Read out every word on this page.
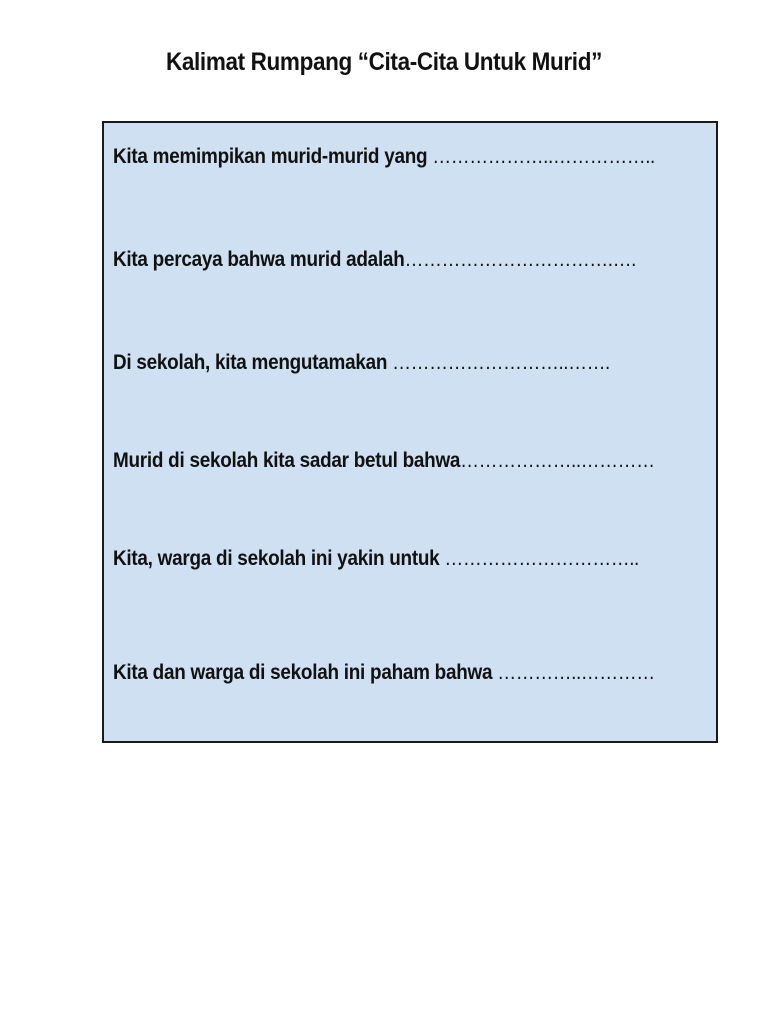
Kalimat Rumpang “Cita-Cita Untuk Murid”
Kita memimpikan murid-murid yang ………………..……………..
Kita percaya bahwa murid adalah…………………………….….
Di sekolah, kita mengutamakan ………………………..…….
Murid di sekolah kita sadar betul bahwa………………..…………
Kita, warga di sekolah ini yakin untuk …………………………..
Kita dan warga di sekolah ini paham bahwa …………..…………
